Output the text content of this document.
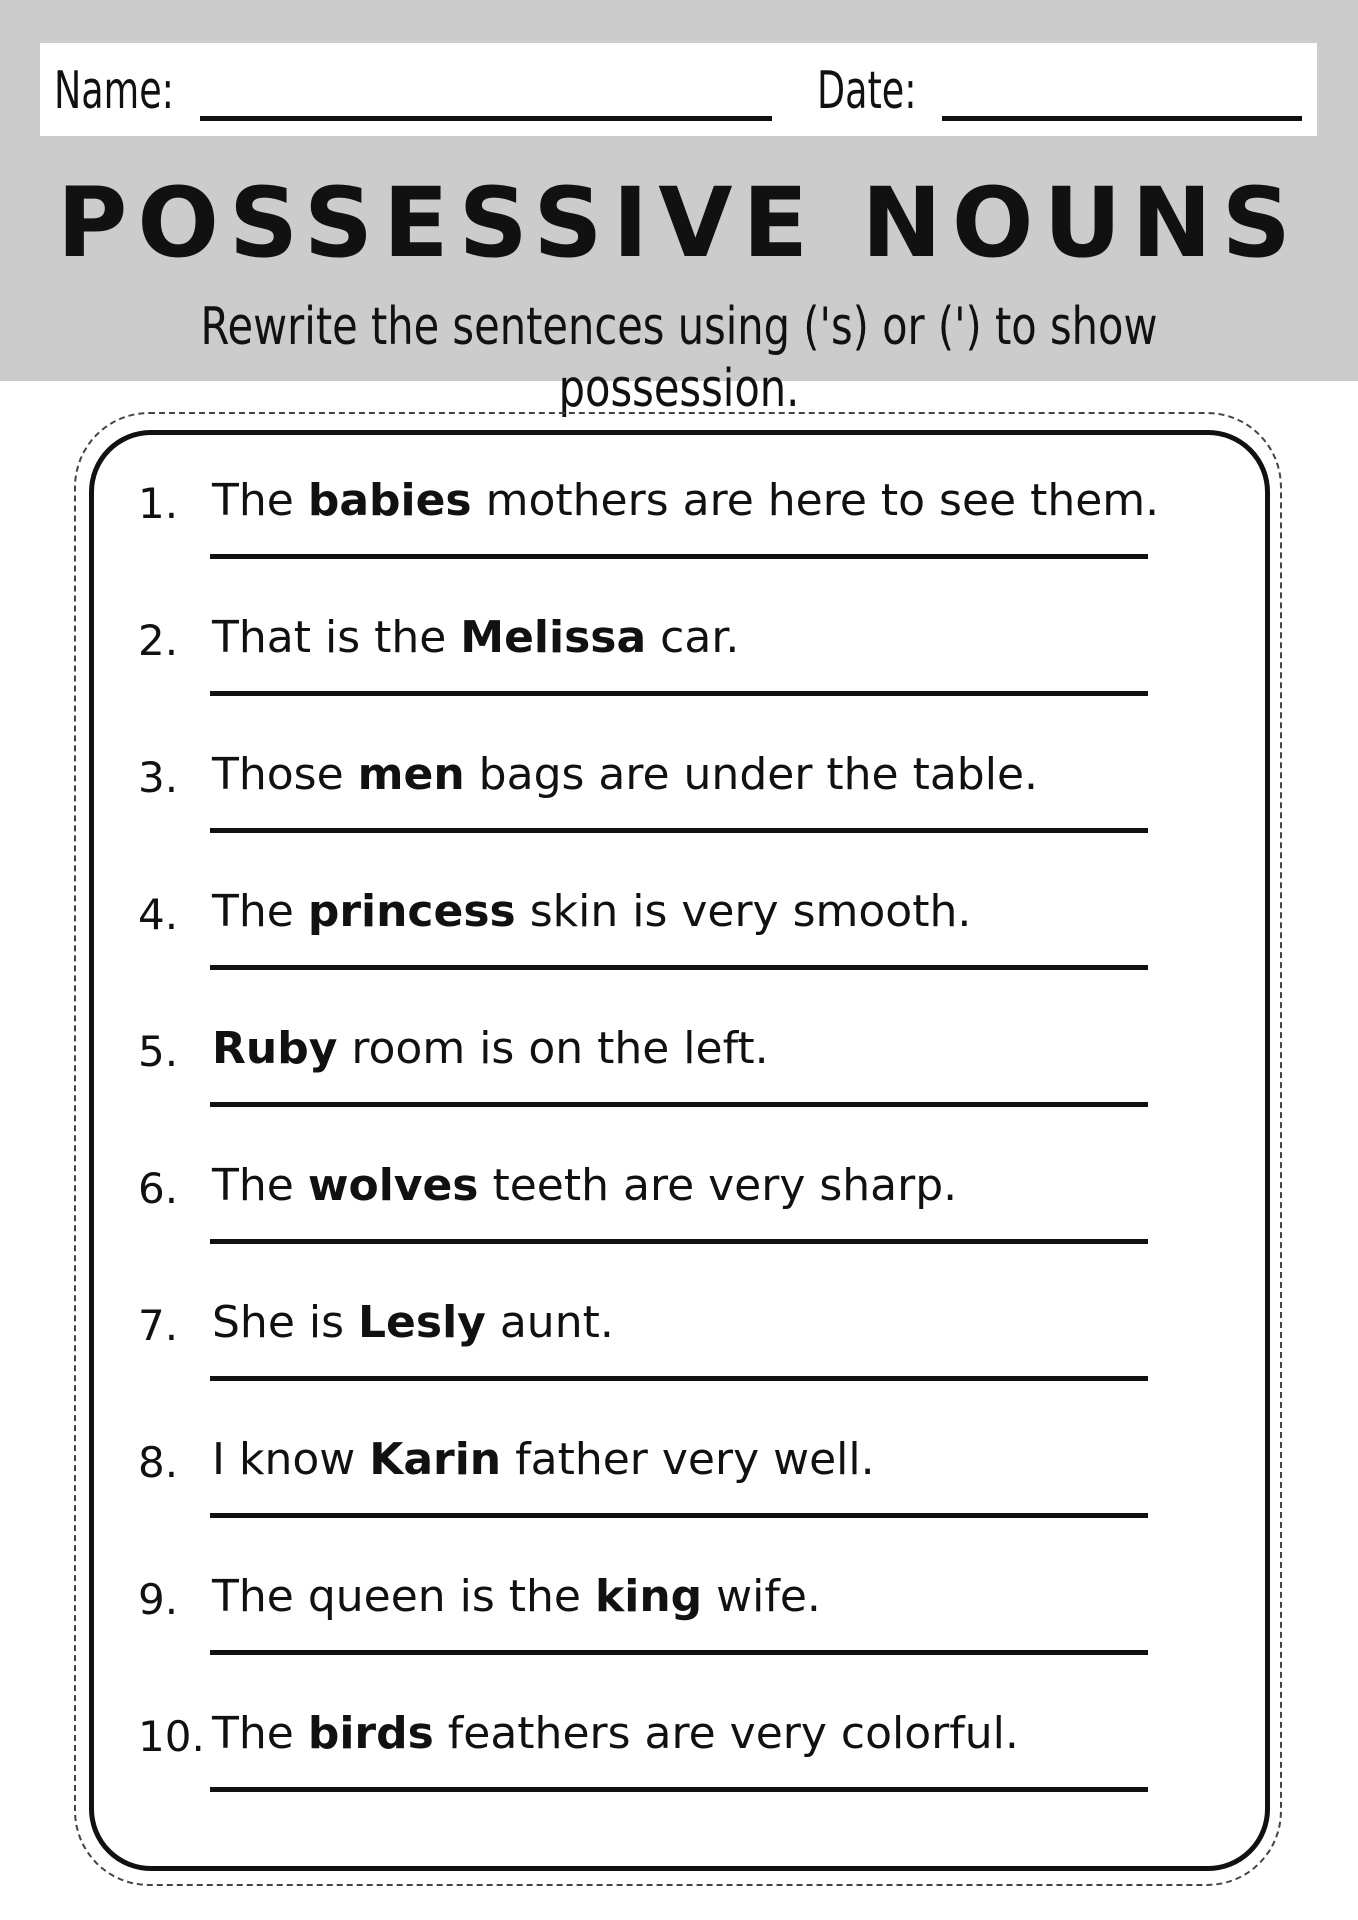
Name:	Date:
POSSESSIVE NOUNS
Rewrite the sentences using ('s) or (') to show possession.
1. The babies mothers are here to see them.
2. That is the Melissa car.
3. Those men bags are under the table.
4. The princess skin is very smooth.
5. Ruby room is on the left.
6. The wolves teeth are very sharp.
7. She is Lesly aunt.
8. I know Karin father very well.
9. The queen is the king wife.
10. The birds feathers are very colorful.
